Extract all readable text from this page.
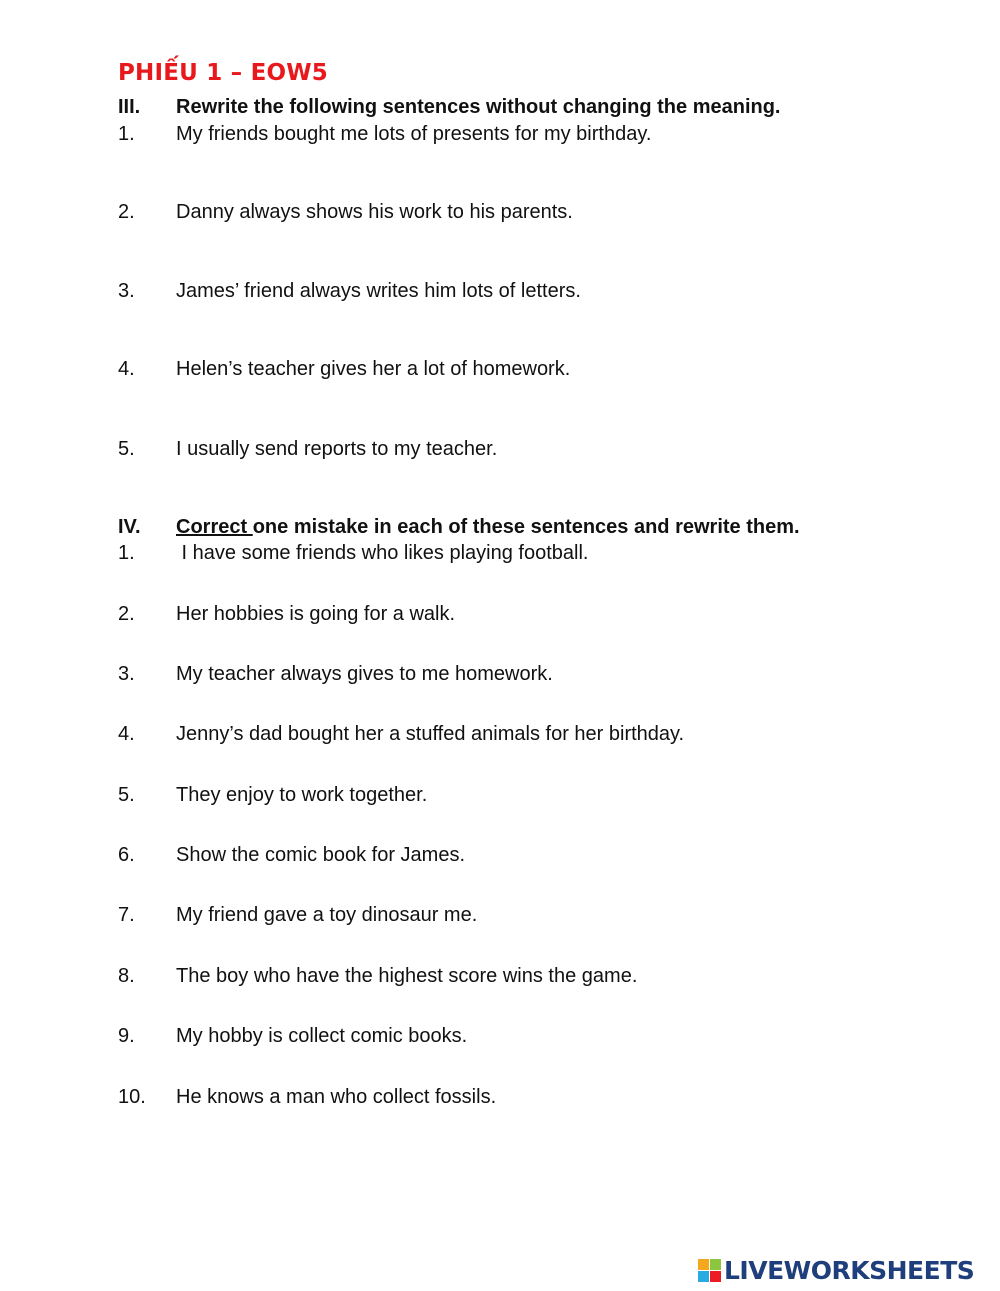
PHIẾU 1 – EOW5
III. Rewrite the following sentences without changing the meaning.
1. My friends bought me lots of presents for my birthday.
2. Danny always shows his work to his parents.
3. James’ friend always writes him lots of letters.
4. Helen’s teacher gives her a lot of homework.
5. I usually send reports to my teacher.
IV. Correct one mistake in each of these sentences and rewrite them.
1. I have some friends who likes playing football.
2. Her hobbies is going for a walk.
3. My teacher always gives to me homework.
4. Jenny’s dad bought her a stuffed animals for her birthday.
5. They enjoy to work together.
6. Show the comic book for James.
7. My friend gave a toy dinosaur me.
8. The boy who have the highest score wins the game.
9. My hobby is collect comic books.
10. He knows a man who collect fossils.
LIVEWORKSHEETS
